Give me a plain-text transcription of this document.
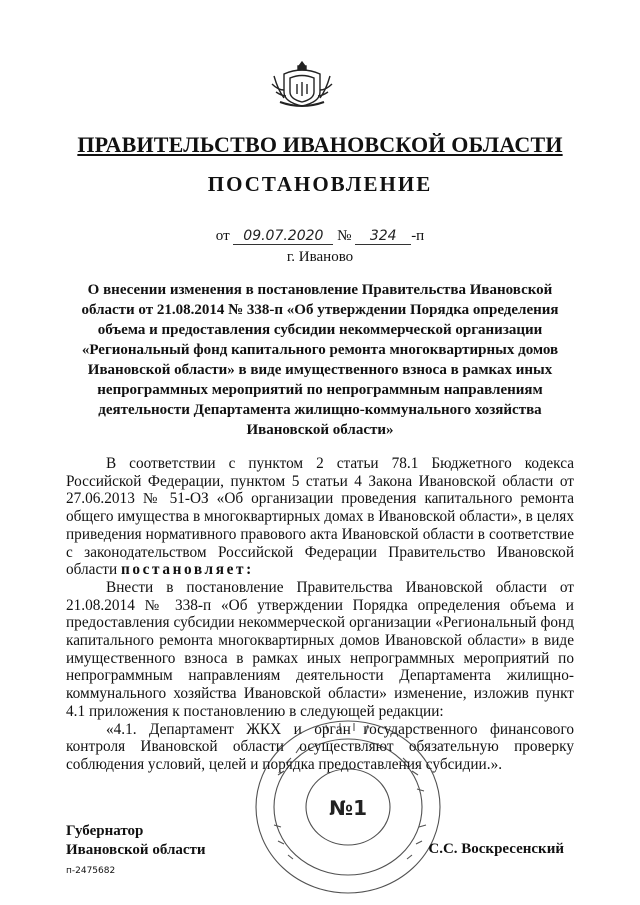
ПРАВИТЕЛЬСТВО ИВАНОВСКОЙ ОБЛАСТИ
ПОСТАНОВЛЕНИЕ
от 09.07.2020 № 324 -п
г. Иваново
О внесении изменения в постановление Правительства Ивановской области от 21.08.2014 № 338-п «Об утверждении Порядка определения объема и предоставления субсидии некоммерческой организации «Региональный фонд капитального ремонта многоквартирных домов Ивановской области» в виде имущественного взноса в рамках иных непрограммных мероприятий по непрограммным направлениям деятельности Департамента жилищно-коммунального хозяйства Ивановской области»

В соответствии с пунктом 2 статьи 78.1 Бюджетного кодекса Российской Федерации, пунктом 5 статьи 4 Закона Ивановской области от 27.06.2013 № 51-ОЗ «Об организации проведения капитального ремонта общего имущества в многоквартирных домах в Ивановской области», в целях приведения нормативного правового акта Ивановской области в соответствие с законодательством Российской Федерации Правительство Ивановской области постановляет:

Внести в постановление Правительства Ивановской области от 21.08.2014 № 338-п «Об утверждении Порядка определения объема и предоставления субсидии некоммерческой организации «Региональный фонд капитального ремонта многоквартирных домов Ивановской области» в виде имущественного взноса в рамках иных непрограммных мероприятий по непрограммным направлениям деятельности Департамента жилищно-коммунального хозяйства Ивановской области» изменение, изложив пункт 4.1 приложения к постановлению в следующей редакции:

«4.1. Департамент ЖКХ и орган государственного финансового контроля Ивановской области осуществляют обязательную проверку соблюдения условий, целей и порядка предоставления субсидии.».

№1
Губернатор
Ивановской области	С.С. Воскресенский
п-2475682
